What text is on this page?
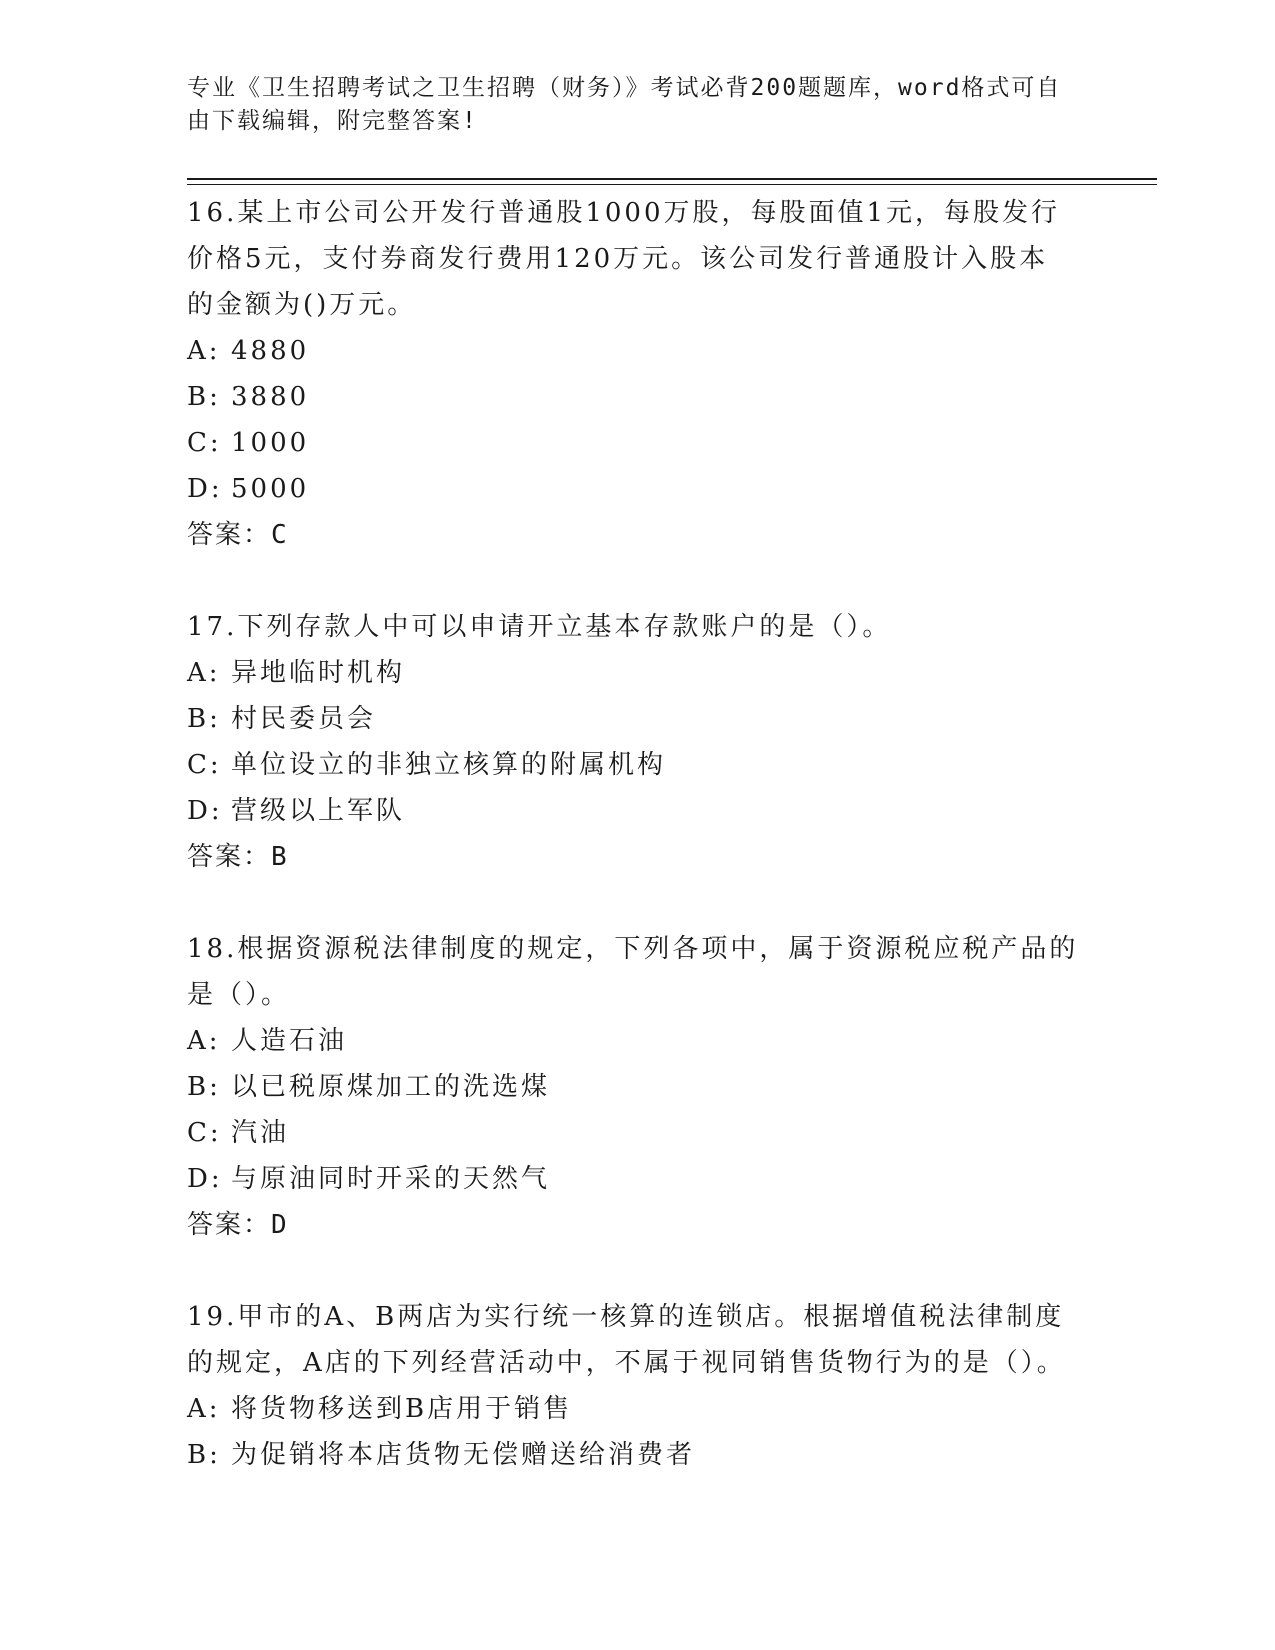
专业《卫生招聘考试之卫生招聘（财务）》考试必背200题题库，word格式可自
由下载编辑，附完整答案!
16.某上市公司公开发行普通股1000万股，每股面值1元，每股发行
价格5元，支付券商发行费用120万元。该公司发行普通股计入股本
的金额为()万元。
A: 4880
B: 3880
C: 1000
D: 5000
答案：C
17.下列存款人中可以申请开立基本存款账户的是（）。
A: 异地临时机构
B: 村民委员会
C: 单位设立的非独立核算的附属机构
D: 营级以上军队
答案：B
18.根据资源税法律制度的规定，下列各项中，属于资源税应税产品的
是（）。
A: 人造石油
B: 以已税原煤加工的洗选煤
C: 汽油
D: 与原油同时开采的天然气
答案：D
19.甲市的A、B两店为实行统一核算的连锁店。根据增值税法律制度
的规定，A店的下列经营活动中，不属于视同销售货物行为的是（）。
A: 将货物移送到B店用于销售
B: 为促销将本店货物无偿赠送给消费者
